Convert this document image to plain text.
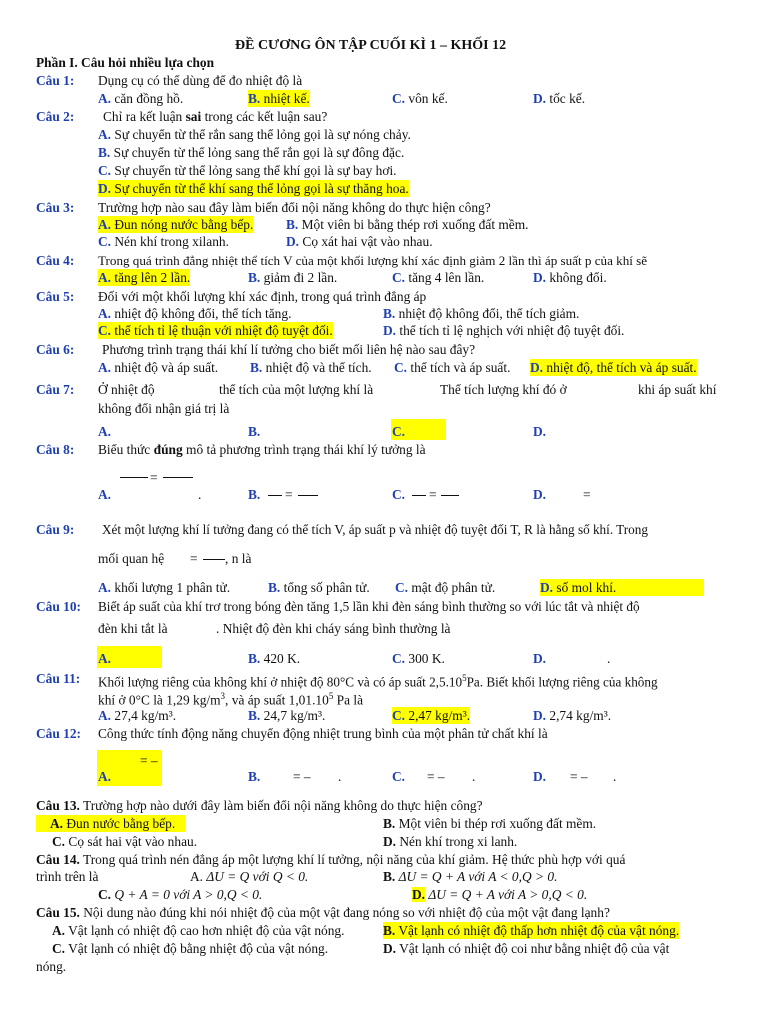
ĐỀ CƯƠNG ÔN TẬP CUỐI KÌ 1 – KHỐI 12
Phần I. Câu hỏi nhiều lựa chọn
Câu 1: Dụng cụ có thể dùng để đo nhiệt độ là
A. căn đồng hồ.	B. nhiệt kế.	C. vôn kế.	D. tốc kế.
Câu 2: Chỉ ra kết luận sai trong các kết luận sau?
A. Sự chuyển từ thể rắn sang thể lỏng gọi là sự nóng chảy.
B. Sự chuyển từ thể lỏng sang thể rắn gọi là sự đông đặc.
C. Sự chuyển từ thể lỏng sang thể khí gọi là sự bay hơi.
D. Sự chuyển từ thể khí sang thể lỏng gọi là sự thăng hoa.
Câu 3: Trường hợp nào sau đây làm biến đổi nội năng không do thực hiện công?
A. Đun nóng nước bằng bếp. B. Một viên bi bằng thép rơi xuống đất mềm.
C. Nén khí trong xilanh.	D. Cọ xát hai vật vào nhau.
Câu 4: Trong quá trình đẳng nhiệt thể tích V của một khối lượng khí xác định giảm 2 lần thì áp suất p của khí sẽ
A. tăng lên 2 lần.	B. giảm đi 2 lần.	C. tăng 4 lên lần.	D. không đổi.
Câu 5: Đối với một khối lượng khí xác định, trong quá trình đẳng áp
A. nhiệt độ không đổi, thể tích tăng.	B. nhiệt độ không đổi, thể tích giảm.
C. thể tích tỉ lệ thuận với nhiệt độ tuyệt đối.	D. thể tích tỉ lệ nghịch với nhiệt độ tuyệt đối.
Câu 6: Phương trình trạng thái khí lí tưởng cho biết mối liên hệ nào sau đây?
A. nhiệt độ và áp suất. B. nhiệt độ và thể tích. C. thể tích và áp suất. D. nhiệt độ, thể tích và áp suất.
Câu 7: Ở nhiệt độ	thể tích của một lượng khí là	Thể tích lượng khí đó ở	khi áp suất khí
không đổi nhận giá trị là
A.	B.	C.	D.
Câu 8: Biểu thức đúng mô tả phương trình trạng thái khí lý tưởng là
=
A.	.	B. =	C. =	D.	=
Câu 9: Xét một lượng khí lí tưởng đang có thể tích V, áp suất p và nhiệt độ tuyệt đối T, R là hằng số khí. Trong
mối quan hệ = , n là
A. khối lượng 1 phân tử.	B. tổng số phân tử. C. mật độ phân tử.	D. số mol khí.
Câu 10: Biết áp suất của khí trơ trong bóng đèn tăng 1,5 lần khi đèn sáng bình thường so với lúc tắt và nhiệt độ
đèn khi tắt là	. Nhiệt độ đèn khi cháy sáng bình thường là
A.	B. 420 K.	C. 300 K.	D.	.
Câu 11: Khối lượng riêng của không khí ở nhiệt độ 80°C và có áp suất 2,5.10$^5$Pa. Biết khối lượng riêng của không
khí ở 0°C là 1,29 $kg/m^3$, và áp suất 1,01.10$^5$ Pa là
A. 27,4 kg/m³.	B. 24,7 kg/m³.	C. 2,47 kg/m³.	D. 2,74 kg/m³.
Câu 12: Công thức tính động năng chuyển động nhiệt trung bình của một phân tử chất khí là
= –
A.	B. = – .	C. = – .	D. = – .
Câu 13. Trường hợp nào dưới đây làm biến đổi nội năng không do thực hiện công?
A. Đun nước bằng bếp.	B. Một viên bi thép rơi xuống đất mềm.
C. Cọ sát hai vật vào nhau.	D. Nén khí trong xi lanh.
Câu 14. Trong quá trình nén đẳng áp một lượng khí lí tưởng, nội năng của khí giảm. Hệ thức phù hợp với quá
trình trên là	A. ΔU = Q với Q < 0.	B. ΔU = Q + A với A < 0,Q > 0.
C. Q + A = 0 với A > 0,Q < 0.	D. ΔU = Q + A với A > 0,Q < 0.
Câu 15. Nội dung nào đúng khi nói nhiệt độ của một vật đang nóng so với nhiệt độ của một vật đang lạnh?
A. Vật lạnh có nhiệt độ cao hơn nhiệt độ của vật nóng.	B. Vật lạnh có nhiệt độ thấp hơn nhiệt độ của vật nóng.
C. Vật lạnh có nhiệt độ bằng nhiệt độ của vật nóng.	D. Vật lạnh có nhiệt độ coi như bằng nhiệt độ của vật
nóng.
